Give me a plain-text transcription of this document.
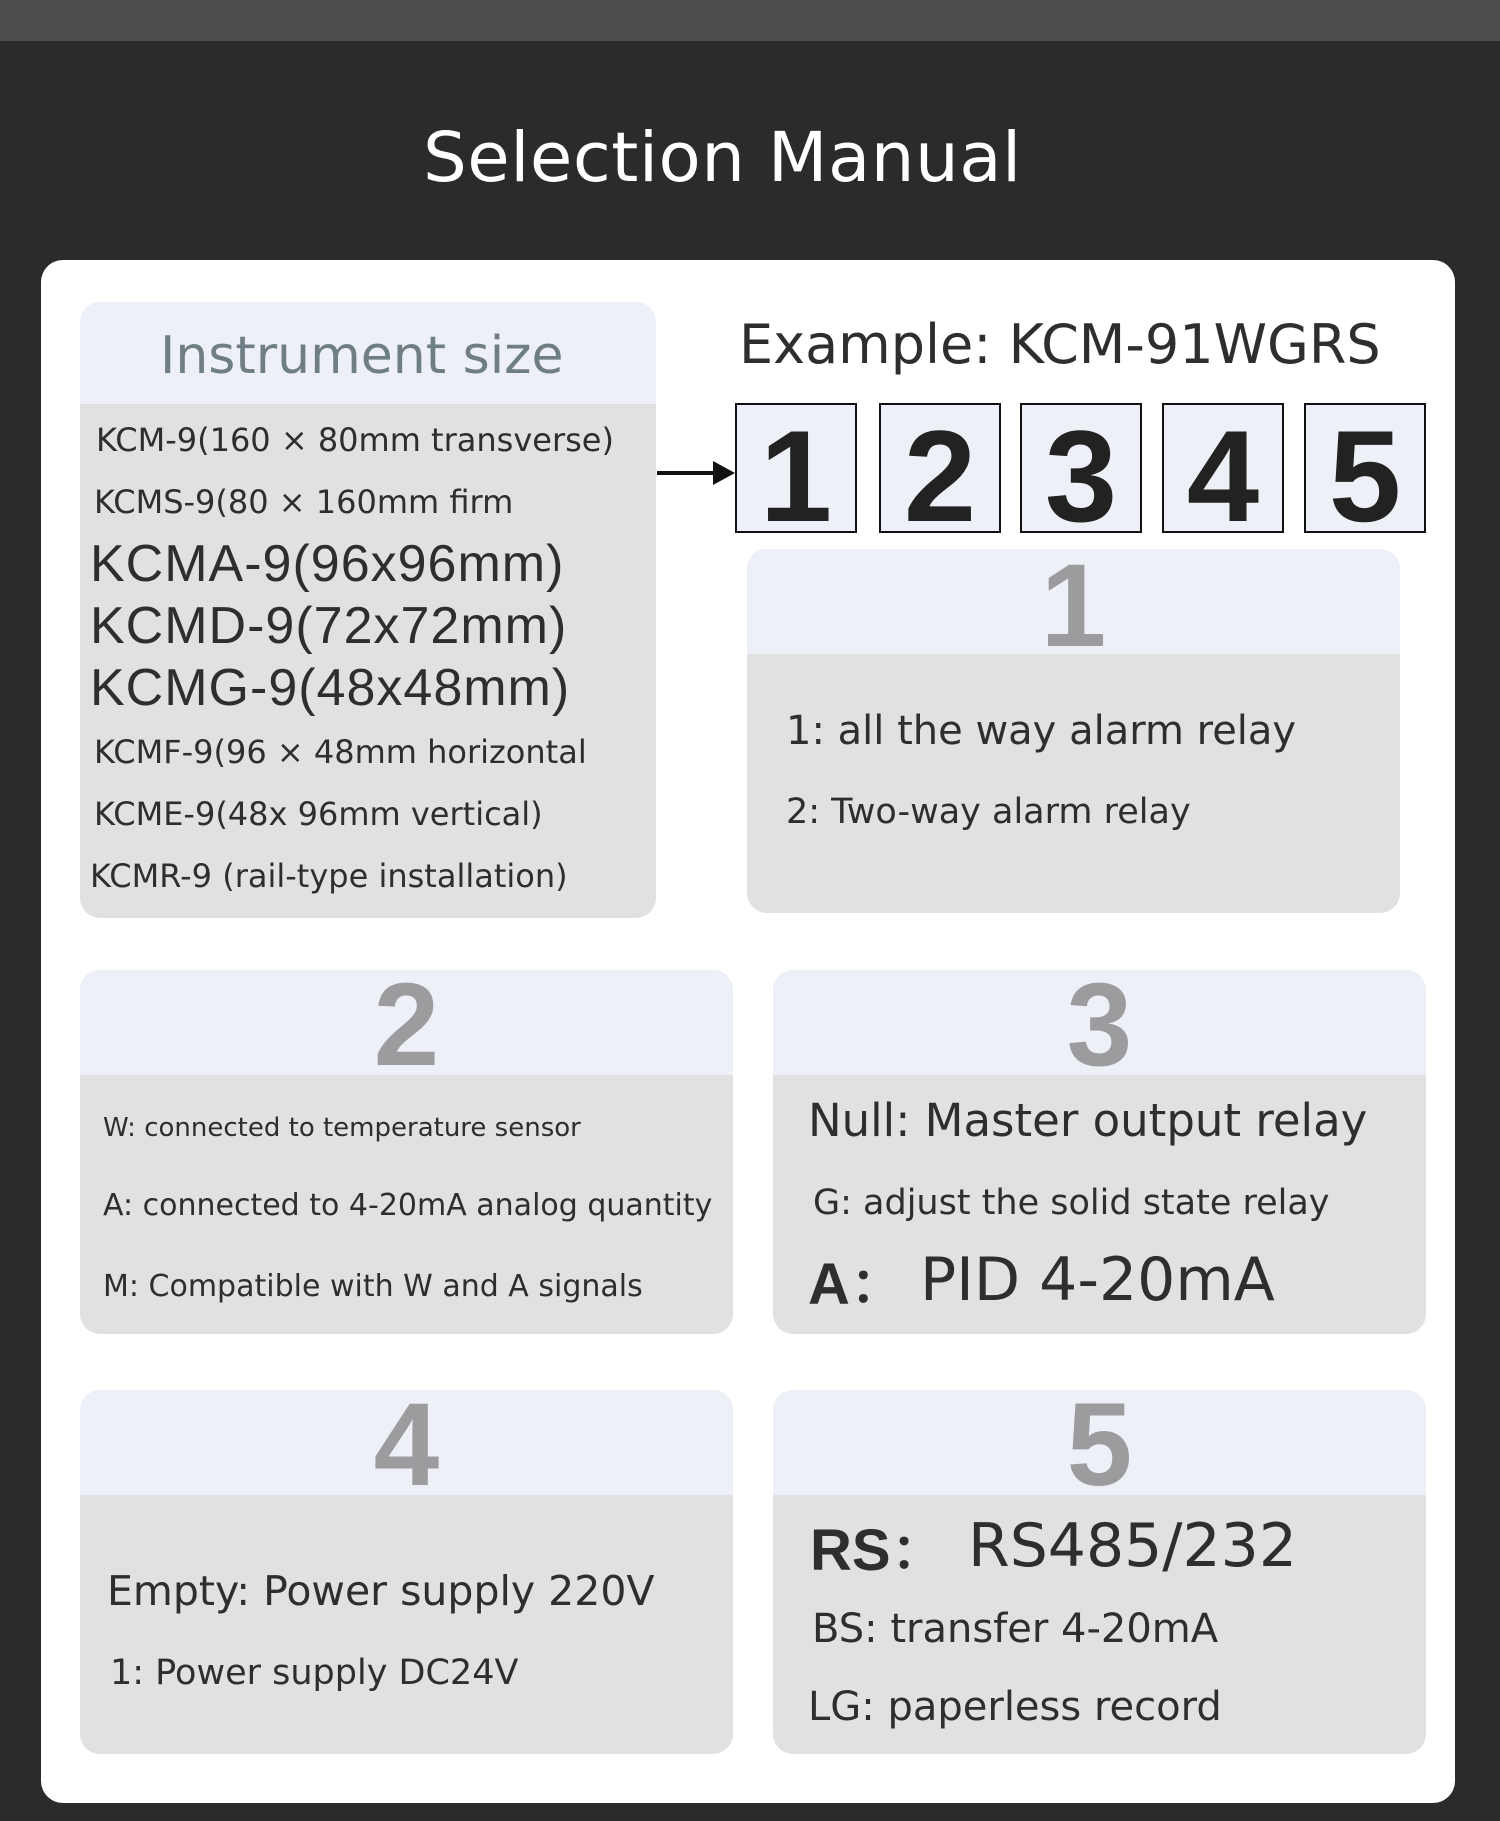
Selection Manual
Instrument size
KCM-9(160 × 80mm transverse)
KCMS-9(80 × 160mm firm
KCMA-9(96x96mm)
KCMD-9(72x72mm)
KCMG-9(48x48mm)
KCMF-9(96 × 48mm horizontal
KCME-9(48x 96mm vertical)
KCMR-9 (rail-type installation)
Example: KCM-91WGRS
1 2 3 4 5
1
1: all the way alarm relay
2: Two-way alarm relay
2
W: connected to temperature sensor
A: connected to 4-20mA analog quantity
M: Compatible with W and A signals
3
Null: Master output relay
G: adjust the solid state relay
A： PID 4-20mA
4
Empty: Power supply 220V
1: Power supply DC24V
5
RS： RS485/232
BS: transfer 4-20mA
LG: paperless record
